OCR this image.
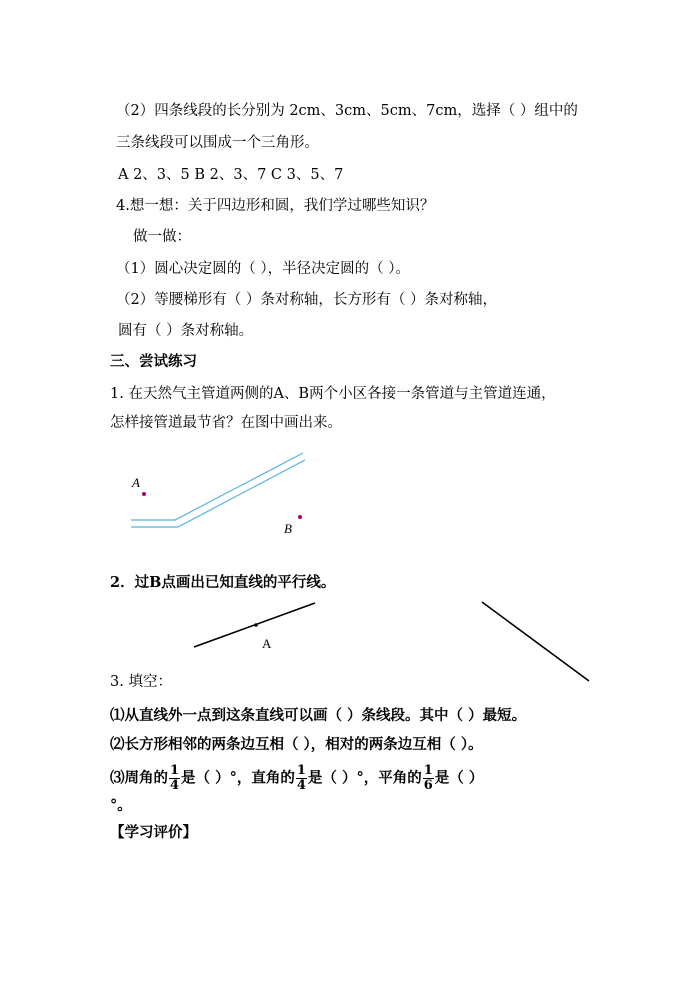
（2）四条线段的长分别为 2cm、3cm、5cm、7cm，选择（ ）组中的
三条线段可以围成一个三角形。
A 2、3、5 B 2、3、7 C 3、5、7
4.想一想：关于四边形和圆，我们学过哪些知识？
做一做：
（1）圆心决定圆的（ ），半径决定圆的（ ）。
（2）等腰梯形有（ ）条对称轴，长方形有（ ）条对称轴，
圆有（ ）条对称轴。
三、尝试练习
1. 在天然气主管道两侧的A、B两个小区各接一条管道与主管道连通，
怎样接管道最节省？在图中画出来。
A
B
A
2．过B点画出已知直线的平行线。
3. 填空：
⑴从直线外一点到这条直线可以画（ ）条线段。其中（ ）最短。
⑵长方形相邻的两条边互相（ ），相对的两条边互相（ ）。
⑶周角的 $\frac{1}{4}$ 是（ ）°，直角的 $\frac{1}{4}$ 是（ ）°，平角的 $\frac{1}{6}$ 是（ ）
°。
【学习评价】
